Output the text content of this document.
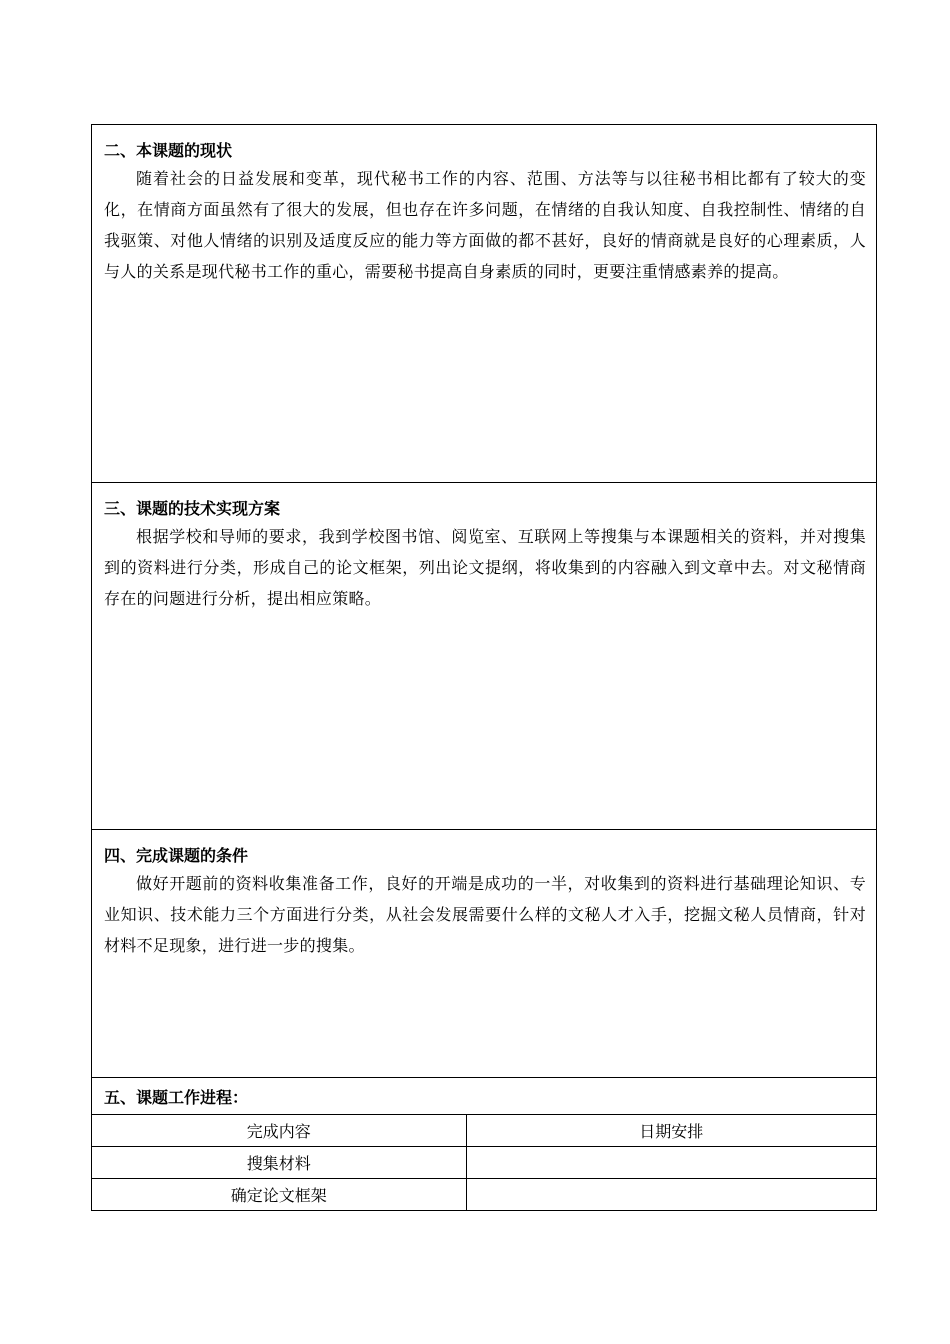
二、本课题的现状

随着社会的日益发展和变革，现代秘书工作的内容、范围、方法等与以往秘书相比都有了较大的变化，在情商方面虽然有了很大的发展，但也存在许多问题，在情绪的自我认知度、自我控制性、情绪的自我驱策、对他人情绪的识别及适度反应的能力等方面做的都不甚好，良好的情商就是良好的心理素质，人与人的关系是现代秘书工作的重心，需要秘书提高自身素质的同时，更要注重情感素养的提高。

三、课题的技术实现方案

根据学校和导师的要求，我到学校图书馆、阅览室、互联网上等搜集与本课题相关的资料，并对搜集到的资料进行分类，形成自己的论文框架，列出论文提纲，将收集到的内容融入到文章中去。对文秘情商存在的问题进行分析，提出相应策略。

四、完成课题的条件

做好开题前的资料收集准备工作，良好的开端是成功的一半，对收集到的资料进行基础理论知识、专业知识、技术能力三个方面进行分类，从社会发展需要什么样的文秘人才入手，挖掘文秘人员情商，针对材料不足现象，进行进一步的搜集。

五、课题工作进程：

完成内容	日期安排
搜集材料	
确定论文框架	
